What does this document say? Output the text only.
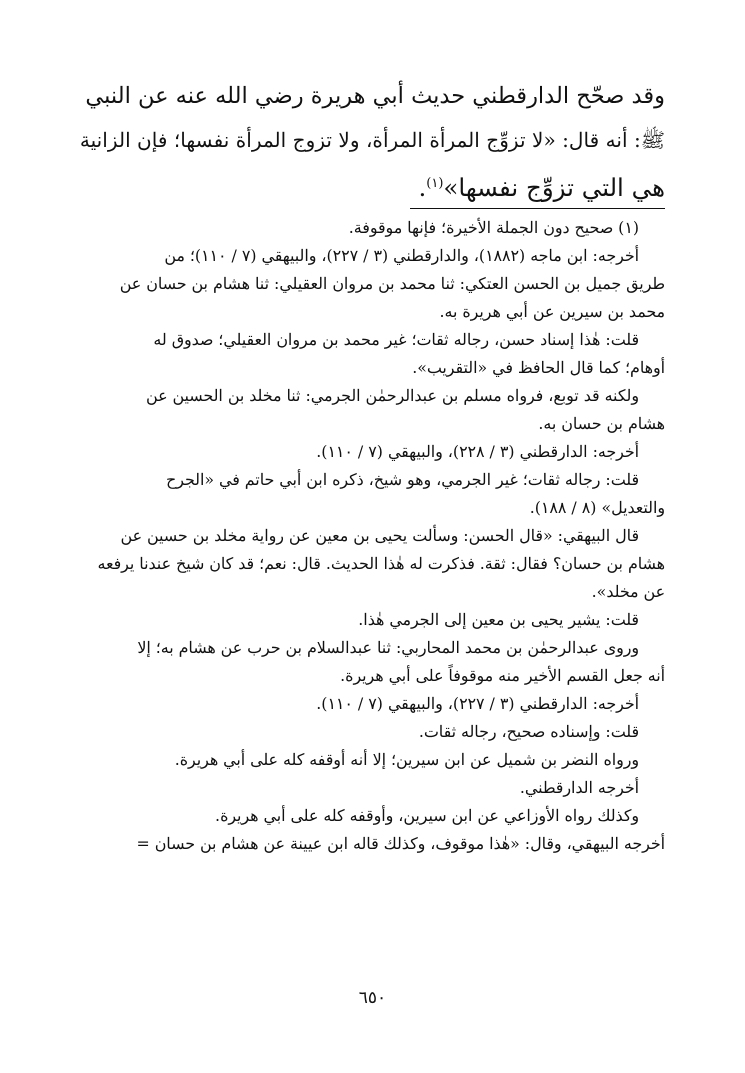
وقد صحّح الدارقطني حديث أبي هريرة رضي الله عنه عن النبي
ﷺ: أنه قال: «لا تزوِّج المرأة المرأة، ولا تزوج المرأة نفسها؛ فإن الزانية
هي التي تزوِّج نفسها»$^{(١)}$.
(١) صحيح دون الجملة الأخيرة؛ فإنها موقوفة.
أخرجه: ابن ماجه (١٨٨٢)، والدارقطني (٣ / ٢٢٧)، والبيهقي (٧ / ١١٠)؛ من
طريق جميل بن الحسن العتكي: ثنا محمد بن مروان العقيلي: ثنا هشام بن حسان عن
محمد بن سيرين عن أبي هريرة به.
قلت: هٰذا إسناد حسن، رجاله ثقات؛ غير محمد بن مروان العقيلي؛ صدوق له
أوهام؛ كما قال الحافظ في «التقريب».
ولكنه قد توبع، فرواه مسلم بن عبدالرحمٰن الجرمي: ثنا مخلد بن الحسين عن
هشام بن حسان به.
أخرجه: الدارقطني (٣ / ٢٢٨)، والبيهقي (٧ / ١١٠).
قلت: رجاله ثقات؛ غير الجرمي، وهو شيخ، ذكره ابن أبي حاتم في «الجرح
والتعديل» (٨ / ١٨٨).
قال البيهقي: «قال الحسن: وسألت يحيى بن معين عن رواية مخلد بن حسين عن
هشام بن حسان؟ فقال: ثقة. فذكرت له هٰذا الحديث. قال: نعم؛ قد كان شيخ عندنا يرفعه
عن مخلد».
قلت: يشير يحيى بن معين إلى الجرمي هٰذا.
وروى عبدالرحمٰن بن محمد المحاربي: ثنا عبدالسلام بن حرب عن هشام به؛ إلا
أنه جعل القسم الأخير منه موقوفاً على أبي هريرة.
أخرجه: الدارقطني (٣ / ٢٢٧)، والبيهقي (٧ / ١١٠).
قلت: وإسناده صحيح، رجاله ثقات.
ورواه النضر بن شميل عن ابن سيرين؛ إلا أنه أوقفه كله على أبي هريرة.
أخرجه الدارقطني.
وكذلك رواه الأوزاعي عن ابن سيرين، وأوقفه كله على أبي هريرة.
أخرجه البيهقي، وقال: «هٰذا موقوف، وكذلك قاله ابن عيينة عن هشام بن حسان =
٦٥٠
